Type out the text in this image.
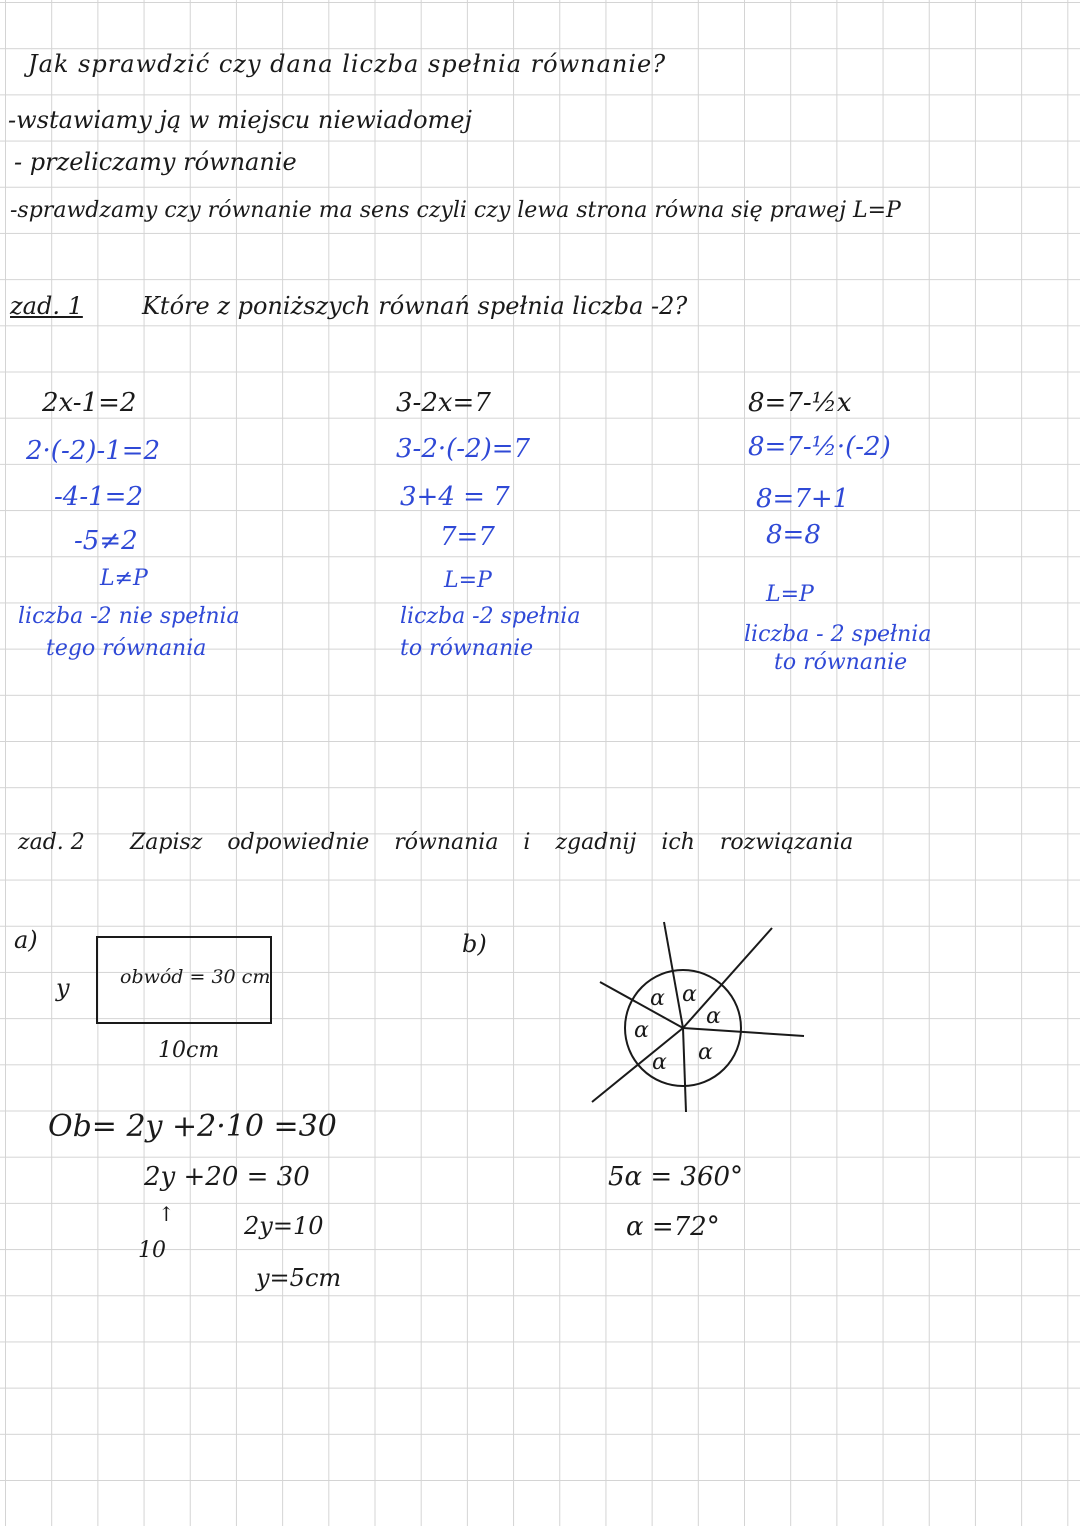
Jak sprawdzić czy dana liczba spełnia równanie?
-wstawiamy ją w miejscu niewiadomej
- przeliczamy równanie
-sprawdzamy czy równanie ma sens czyli czy lewa strona równa się prawej L=P
zad. 1 Które z poniższych równań spełnia liczba -2?
2x-1=2
2·(-2)-1=2
-4-1=2
-5≠2
L≠P
liczba -2 nie spełnia
tego równania
3-2x=7
3-2·(-2)=7
3+4 = 7
7=7
L=P
liczba -2 spełnia
to równanie
8=7-½x
8=7-½·(-2)
8=7+1
8=8
L=P
liczba - 2 spełnia
to równanie
zad. 2 Zapisz odpowiednie równania i zgadnij ich rozwiązania
a)
y	obwód = 30 cm
10cm
Ob= 2y +2·10 =30
2y +20 = 30
↑
10
2y=10
y=5cm
b)
α α
α
α
α α
5α = 360°
α =72°
